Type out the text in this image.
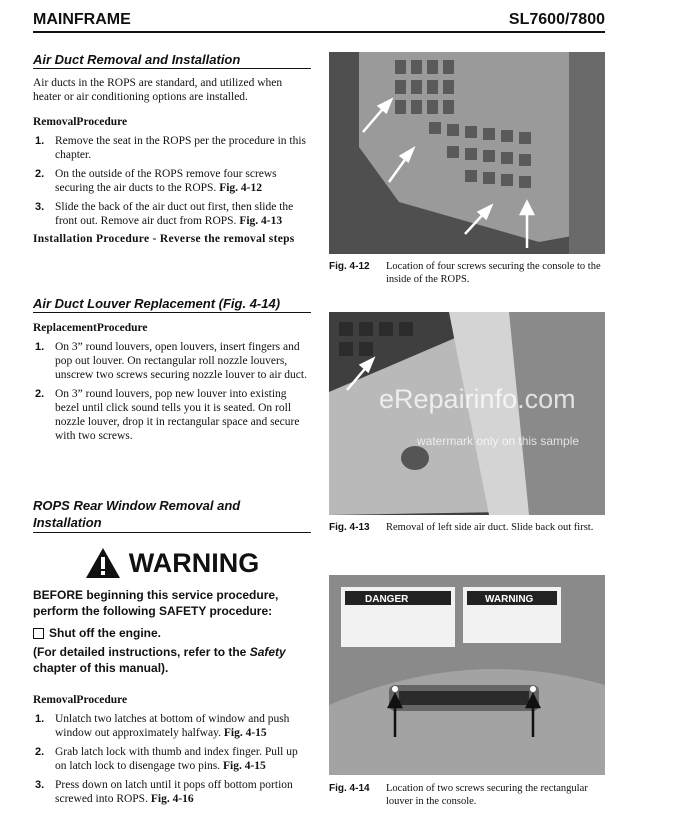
MAINFRAME	SL7600/7800
Air Duct Removal and Installation
Air ducts in the ROPS are standard, and utilized when heater or air conditioning options are installed.
RemovalProcedure
1. Remove the seat in the ROPS per the procedure in this chapter.
2. On the outside of the ROPS remove four screws securing the air ducts to the ROPS. Fig. 4-12
3. Slide the back of the air duct out first, then slide the front out. Remove air duct from ROPS. Fig. 4-13
Installation Procedure - Reverse the removal steps
Air Duct Louver Replacement (Fig. 4-14)
ReplacementProcedure
1. On 3” round louvers, open louvers, insert fingers and pop out louver. On rectangular roll nozzle louvers, unscrew two screws securing nozzle louver to air duct.
2. On 3” round louvers, pop new louver into existing bezel until click sound tells you it is seated. On roll nozzle louver, drop it in rectangular space and secure with two screws.
ROPS Rear Window Removal and
Installation
WARNING
BEFORE beginning this service procedure, perform the following SAFETY procedure:
Shut off the engine.
(For detailed instructions, refer to the Safety chapter of this manual).
RemovalProcedure
1. Unlatch two latches at bottom of window and push window out approximately halfway. Fig. 4-15
2. Grab latch lock with thumb and index finger. Pull up on latch lock to disengage two pins. Fig. 4-15
3. Press down on latch until it pops off bottom portion screwed into ROPS. Fig. 4-16
Fig. 4-12 Location of four screws securing the console to the inside of the ROPS.
eRepairinfo.com
watermark only on this sample
Fig. 4-13 Removal of left side air duct. Slide back out first.
DANGER	WARNING
Fig. 4-14 Location of two screws securing the rectangular louver in the console.
